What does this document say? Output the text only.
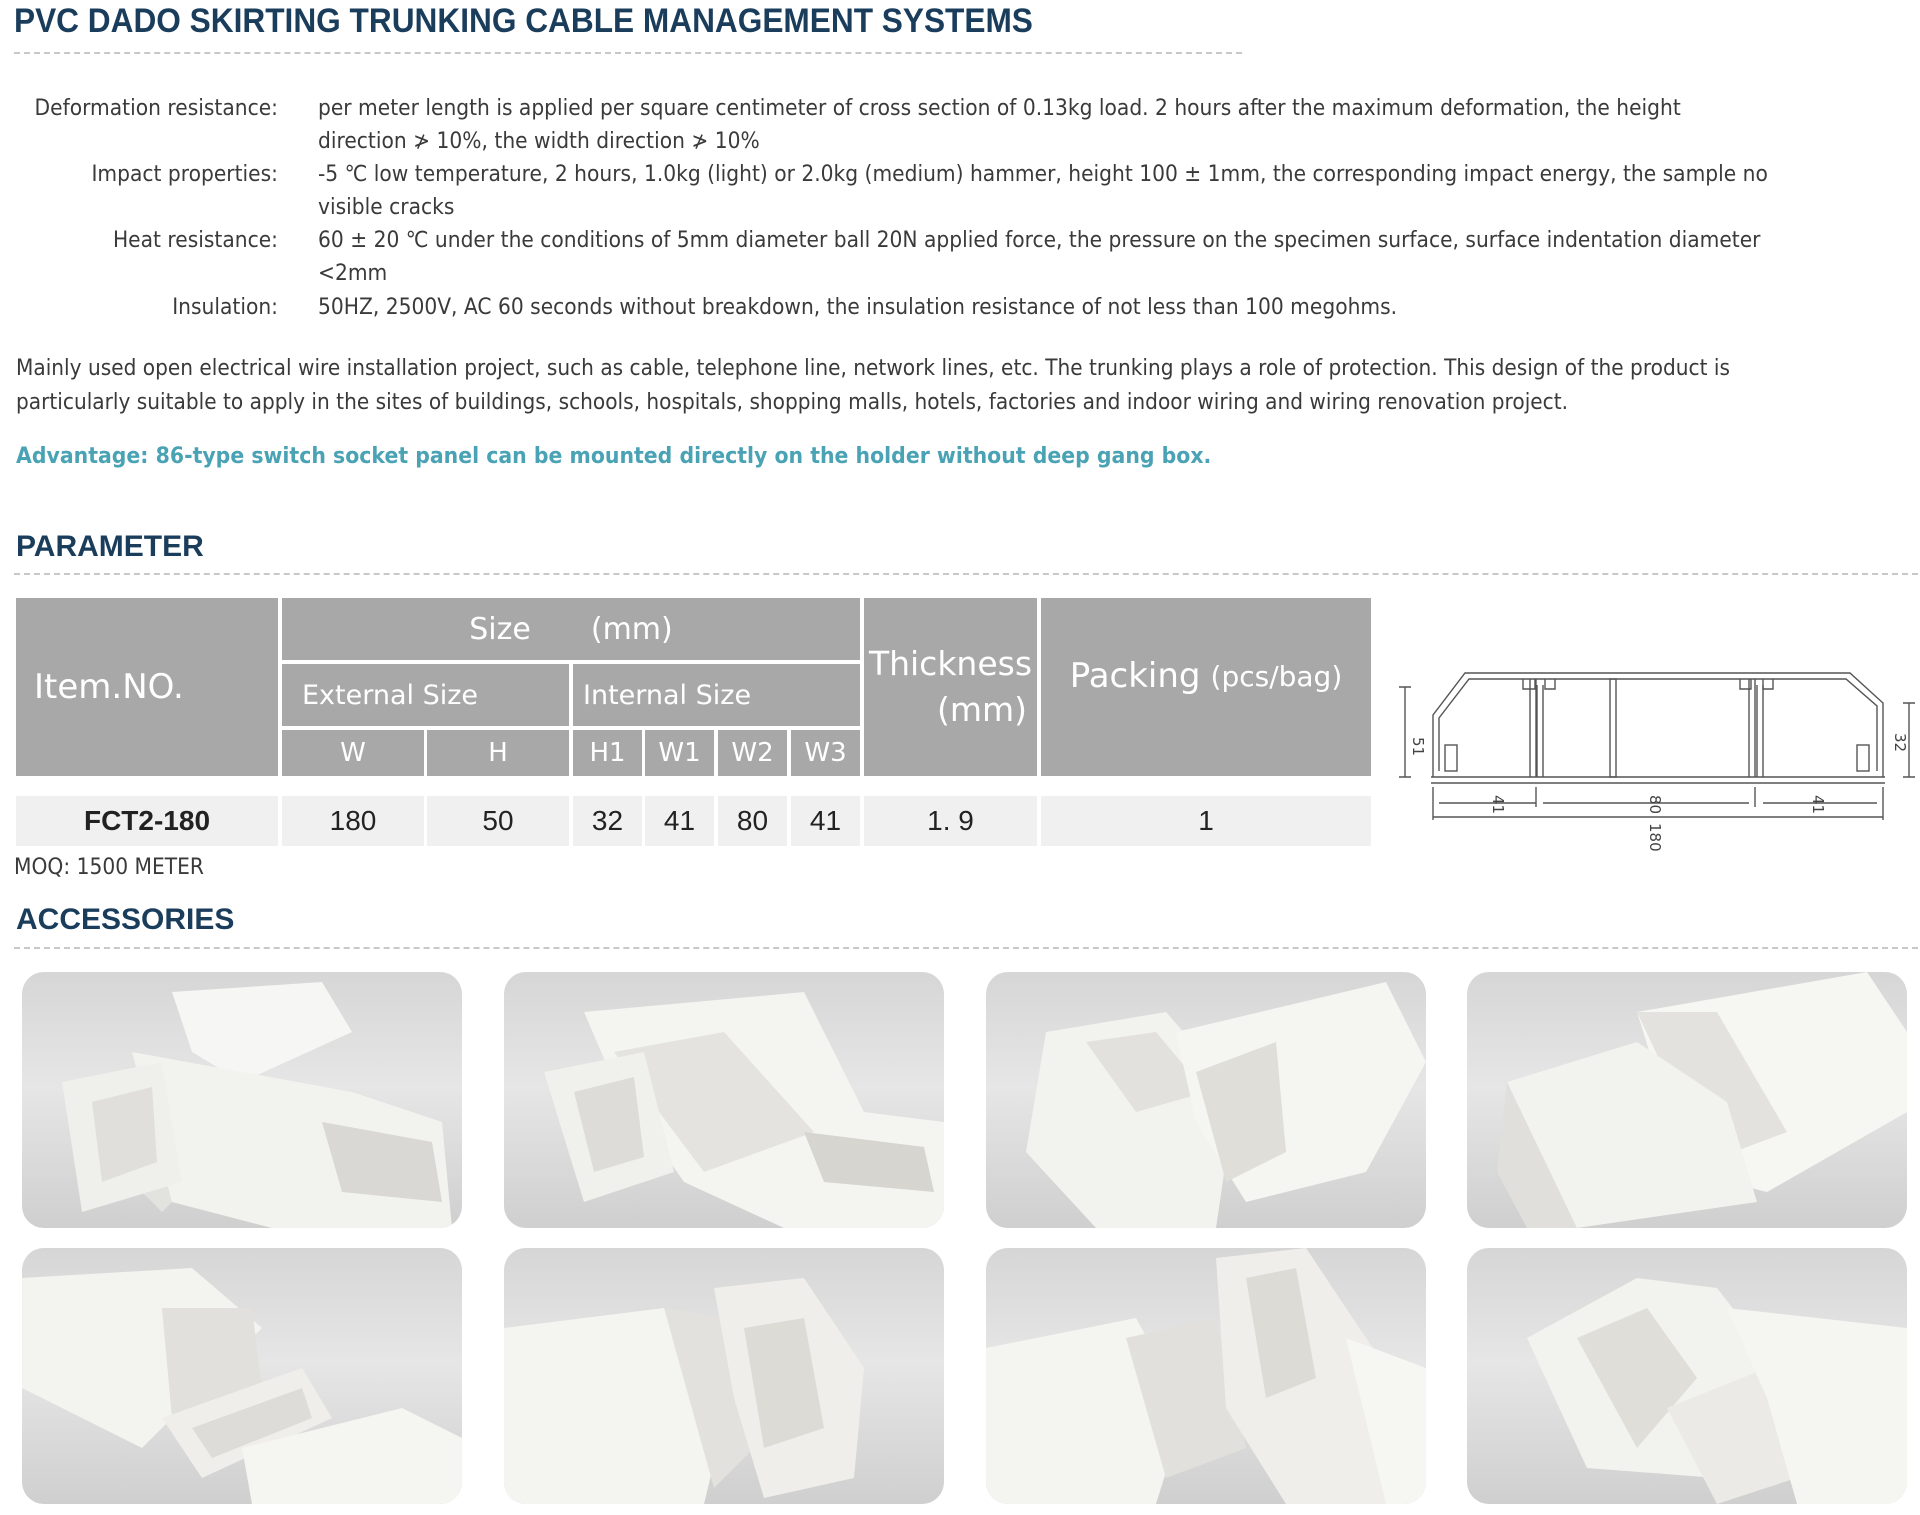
PVC DADO SKIRTING TRUNKING CABLE MANAGEMENT SYSTEMS
Deformation resistance: per meter length is applied per square centimeter of cross section of 0.13kg load. 2 hours after the maximum deformation, the height
direction ≯ 10%, the width direction ≯ 10%
Impact properties: -5 ℃ low temperature, 2 hours, 1.0kg (light) or 2.0kg (medium) hammer, height 100 ± 1mm, the corresponding impact energy, the sample no
visible cracks
Heat resistance: 60 ± 20 ℃ under the conditions of 5mm diameter ball 20N applied force, the pressure on the specimen surface, surface indentation diameter
<2mm
Insulation: 50HZ, 2500V, AC 60 seconds without breakdown, the insulation resistance of not less than 100 megohms.
Mainly used open electrical wire installation project, such as cable, telephone line, network lines, etc. The trunking plays a role of protection. This design of the product is
particularly suitable to apply in the sites of buildings, schools, hospitals, shopping malls, hotels, factories and indoor wiring and wiring renovation project.
Advantage: 86-type switch socket panel can be mounted directly on the holder without deep gang box.
PARAMETER
Item.NO.
Size (mm)
External Size	Internal Size
W	H	H1	W1	W2	W3
Thickness
(mm)
Packing (pcs/bag)
FCT2-180	180	50	32	41	80	41	1. 9	1
MOQ: 1500 METER
51	32
41	80	41
180
ACCESSORIES
